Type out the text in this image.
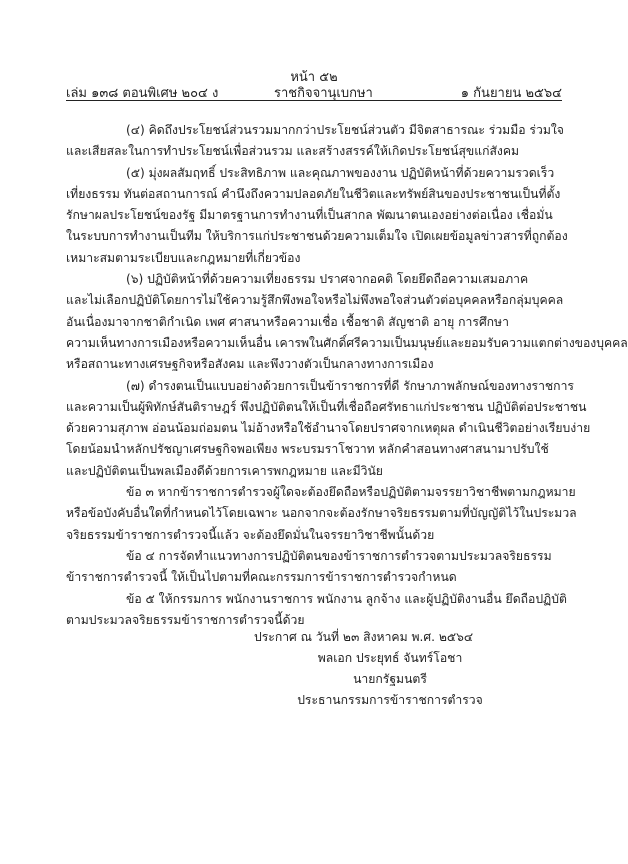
หน้า ๕๒
เล่ม ๑๓๘ ตอนพิเศษ ๒๐๔ ง	ราชกิจจานุเบกษา	๑ กันยายน ๒๕๖๔
(๔) คิดถึงประโยชน์ส่วนรวมมากกว่าประโยชน์ส่วนตัว มีจิตสาธารณะ ร่วมมือ ร่วมใจ
และเสียสละในการทำประโยชน์เพื่อส่วนรวม และสร้างสรรค์ให้เกิดประโยชน์สุขแก่สังคม
(๕) มุ่งผลสัมฤทธิ์ ประสิทธิภาพ และคุณภาพของงาน ปฏิบัติหน้าที่ด้วยความรวดเร็ว
เที่ยงธรรม ทันต่อสถานการณ์ คำนึงถึงความปลอดภัยในชีวิตและทรัพย์สินของประชาชนเป็นที่ตั้ง
รักษาผลประโยชน์ของรัฐ มีมาตรฐานการทำงานที่เป็นสากล พัฒนาตนเองอย่างต่อเนื่อง เชื่อมั่น
ในระบบการทำงานเป็นทีม ให้บริการแก่ประชาชนด้วยความเต็มใจ เปิดเผยข้อมูลข่าวสารที่ถูกต้อง
เหมาะสมตามระเบียบและกฎหมายที่เกี่ยวข้อง
(๖) ปฏิบัติหน้าที่ด้วยความเที่ยงธรรม ปราศจากอคติ โดยยึดถือความเสมอภาค
และไม่เลือกปฏิบัติโดยการไม่ใช้ความรู้สึกพึงพอใจหรือไม่พึงพอใจส่วนตัวต่อบุคคลหรือกลุ่มบุคคล
อันเนื่องมาจากชาติกำเนิด เพศ ศาสนาหรือความเชื่อ เชื้อชาติ สัญชาติ อายุ การศึกษา
ความเห็นทางการเมืองหรือความเห็นอื่น เคารพในศักดิ์ศรีความเป็นมนุษย์และยอมรับความแตกต่างของบุคคล
หรือสถานะทางเศรษฐกิจหรือสังคม และพึงวางตัวเป็นกลางทางการเมือง
(๗) ดำรงตนเป็นแบบอย่างด้วยการเป็นข้าราชการที่ดี รักษาภาพลักษณ์ของทางราชการ
และความเป็นผู้พิทักษ์สันติราษฎร์ พึงปฏิบัติตนให้เป็นที่เชื่อถือศรัทธาแก่ประชาชน ปฏิบัติต่อประชาชน
ด้วยความสุภาพ อ่อนน้อมถ่อมตน ไม่อ้างหรือใช้อำนาจโดยปราศจากเหตุผล ดำเนินชีวิตอย่างเรียบง่าย
โดยน้อมนำหลักปรัชญาเศรษฐกิจพอเพียง พระบรมราโชวาท หลักคำสอนทางศาสนามาปรับใช้
และปฏิบัติตนเป็นพลเมืองดีด้วยการเคารพกฎหมาย และมีวินัย
ข้อ ๓ หากข้าราชการตำรวจผู้ใดจะต้องยึดถือหรือปฏิบัติตามจรรยาวิชาชีพตามกฎหมาย
หรือข้อบังคับอื่นใดที่กำหนดไว้โดยเฉพาะ นอกจากจะต้องรักษาจริยธรรมตามที่บัญญัติไว้ในประมวล
จริยธรรมข้าราชการตำรวจนี้แล้ว จะต้องยึดมั่นในจรรยาวิชาชีพนั้นด้วย
ข้อ ๔ การจัดทำแนวทางการปฏิบัติตนของข้าราชการตำรวจตามประมวลจริยธรรม
ข้าราชการตำรวจนี้ ให้เป็นไปตามที่คณะกรรมการข้าราชการตำรวจกำหนด
ข้อ ๕ ให้กรรมการ พนักงานราชการ พนักงาน ลูกจ้าง และผู้ปฏิบัติงานอื่น ยึดถือปฏิบัติ
ตามประมวลจริยธรรมข้าราชการตำรวจนี้ด้วย
ประกาศ ณ วันที่ ๒๓ สิงหาคม พ.ศ. ๒๕๖๔
พลเอก ประยุทธ์ จันทร์โอชา
นายกรัฐมนตรี
ประธานกรรมการข้าราชการตำรวจ
